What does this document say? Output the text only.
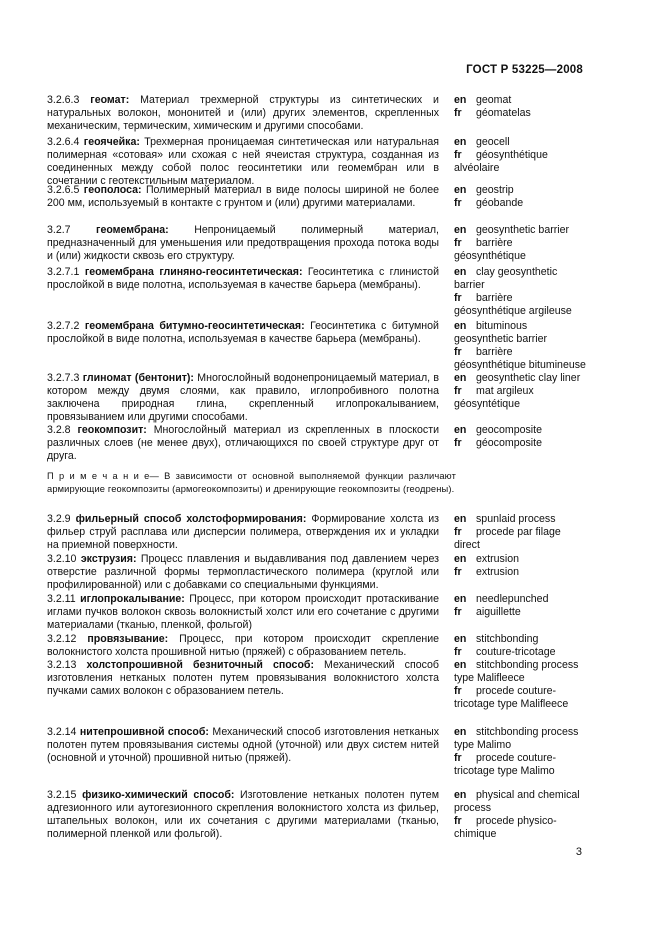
ГОСТ Р 53225—2008
3.2.6.3 геомат: Материал трехмерной структуры из синтетических и натуральных волокон, мононитей и (или) других элементов, скрепленных механическим, термическим, химическим и другими способами.
en geomat
fr géomatelas
3.2.6.4 геоячейка: Трехмерная проницаемая синтетическая или натуральная полимерная «сотовая» или схожая с ней ячеистая структура, созданная из соединенных между собой полос геосинтетики или геомембран или в сочетании с геотекстильным материалом.
en geocell
fr géosynthétique alvéolaire
3.2.6.5 геополоса: Полимерный материал в виде полосы шириной не более 200 мм, используемый в контакте с грунтом и (или) другими материалами.
en geostrip
fr géobande
3.2.7 геомембрана: Непроницаемый полимерный материал, предназначенный для уменьшения или предотвращения прохода потока воды и (или) жидкости сквозь его структуру.
en geosynthetic barrier
fr barrière géosynthétique
3.2.7.1 геомембрана глиняно-геосинтетическая: Геосинтетика с глинистой прослойкой в виде полотна, используемая в качестве барьера (мембраны).
en clay geosynthetic barrier
fr barrière géosynthétique argileuse
3.2.7.2 геомембрана битумно-геосинтетическая: Геосинтетика с битумной прослойкой в виде полотна, используемая в качестве барьера (мембраны).
en bituminous geosynthetic barrier
fr barrière géosynthétique bitumineuse
3.2.7.3 глиномат (бентонит): Многослойный водонепроницаемый материал, в котором между двумя слоями, как правило, иглопробивного полотна заключена природная глина, скрепленный иглопрокалыванием, провязыванием или другими способами.
en geosynthetic clay liner
fr mat argileux géosyntétique
3.2.8 геокомпозит: Многослойный материал из скрепленных в плоскости различных слоев (не менее двух), отличающихся по своей структуре друг от друга.
en geocomposite
fr géocomposite
3.2.9 фильерный способ холстоформирования: Формирование холста из фильер струй расплава или дисперсии полимера, отверждения их и укладки на приемной поверхности.
en spunlaid process
fr procede par filage direct
3.2.10 экструзия: Процесс плавления и выдавливания под давлением через отверстие различной формы термопластического полимера (круглой или профилированной) или с добавками со специальными функциями.
en extrusion
fr extrusion
3.2.11 иглопрокалывание: Процесс, при котором происходит протаскивание иглами пучков волокон сквозь волокнистый холст или его сочетание с другими материалами (тканью, пленкой, фольгой)
en needlepunched
fr aiguillette
3.2.12 провязывание: Процесс, при котором происходит скрепление волокнистого холста прошивной нитью (пряжей) с образованием петель.
en stitchbonding
fr couture-tricotage
3.2.13 холстопрошивной безниточный способ: Механический способ изготовления нетканых полотен путем провязывания волокнистого холста пучками самих волокон с образованием петель.
en stitchbonding process type Malifleece
fr procede couture-tricotage type Malifleece
3.2.14 нитепрошивной способ: Механический способ изготовления нетканых полотен путем провязывания системы одной (уточной) или двух систем нитей (основной и уточной) прошивной нитью (пряжей).
en stitchbonding process type Malimo
fr procede couture-tricotage type Malimo
3.2.15 физико-химический способ: Изготовление нетканых полотен путем адгезионного или аутогезионного скрепления волокнистого холста из фильер, штапельных волокон, или их сочетания с другими материалами (тканью, полимерной пленкой или фольгой).
en physical and chemical process
fr procede physico-chimique
П р и м е ч а н и е— В зависимости от основной выполняемой функции различают армирующие геокомпозиты (армогеокомпозиты) и дренирующие геокомпозиты (геодрены).
3
